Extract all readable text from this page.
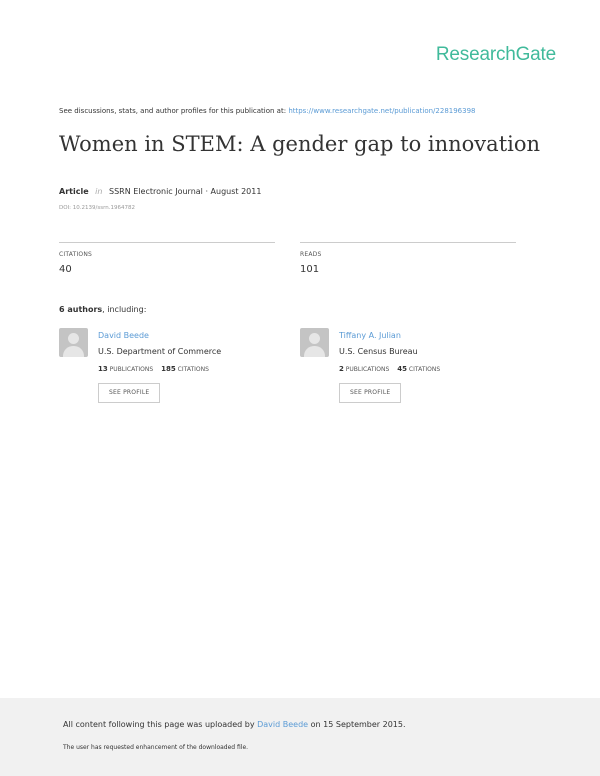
ResearchGate
See discussions, stats, and author profiles for this publication at: https://www.researchgate.net/publication/228196398
Women in STEM: A gender gap to innovation
Article in SSRN Electronic Journal · August 2011
DOI: 10.2139/ssrn.1964782
CITATIONS
40
READS
101
6 authors, including:
David Beede
U.S. Department of Commerce
13 PUBLICATIONS 185 CITATIONS
SEE PROFILE
Tiffany A. Julian
U.S. Census Bureau
2 PUBLICATIONS 45 CITATIONS
SEE PROFILE
All content following this page was uploaded by David Beede on 15 September 2015.
The user has requested enhancement of the downloaded file.
